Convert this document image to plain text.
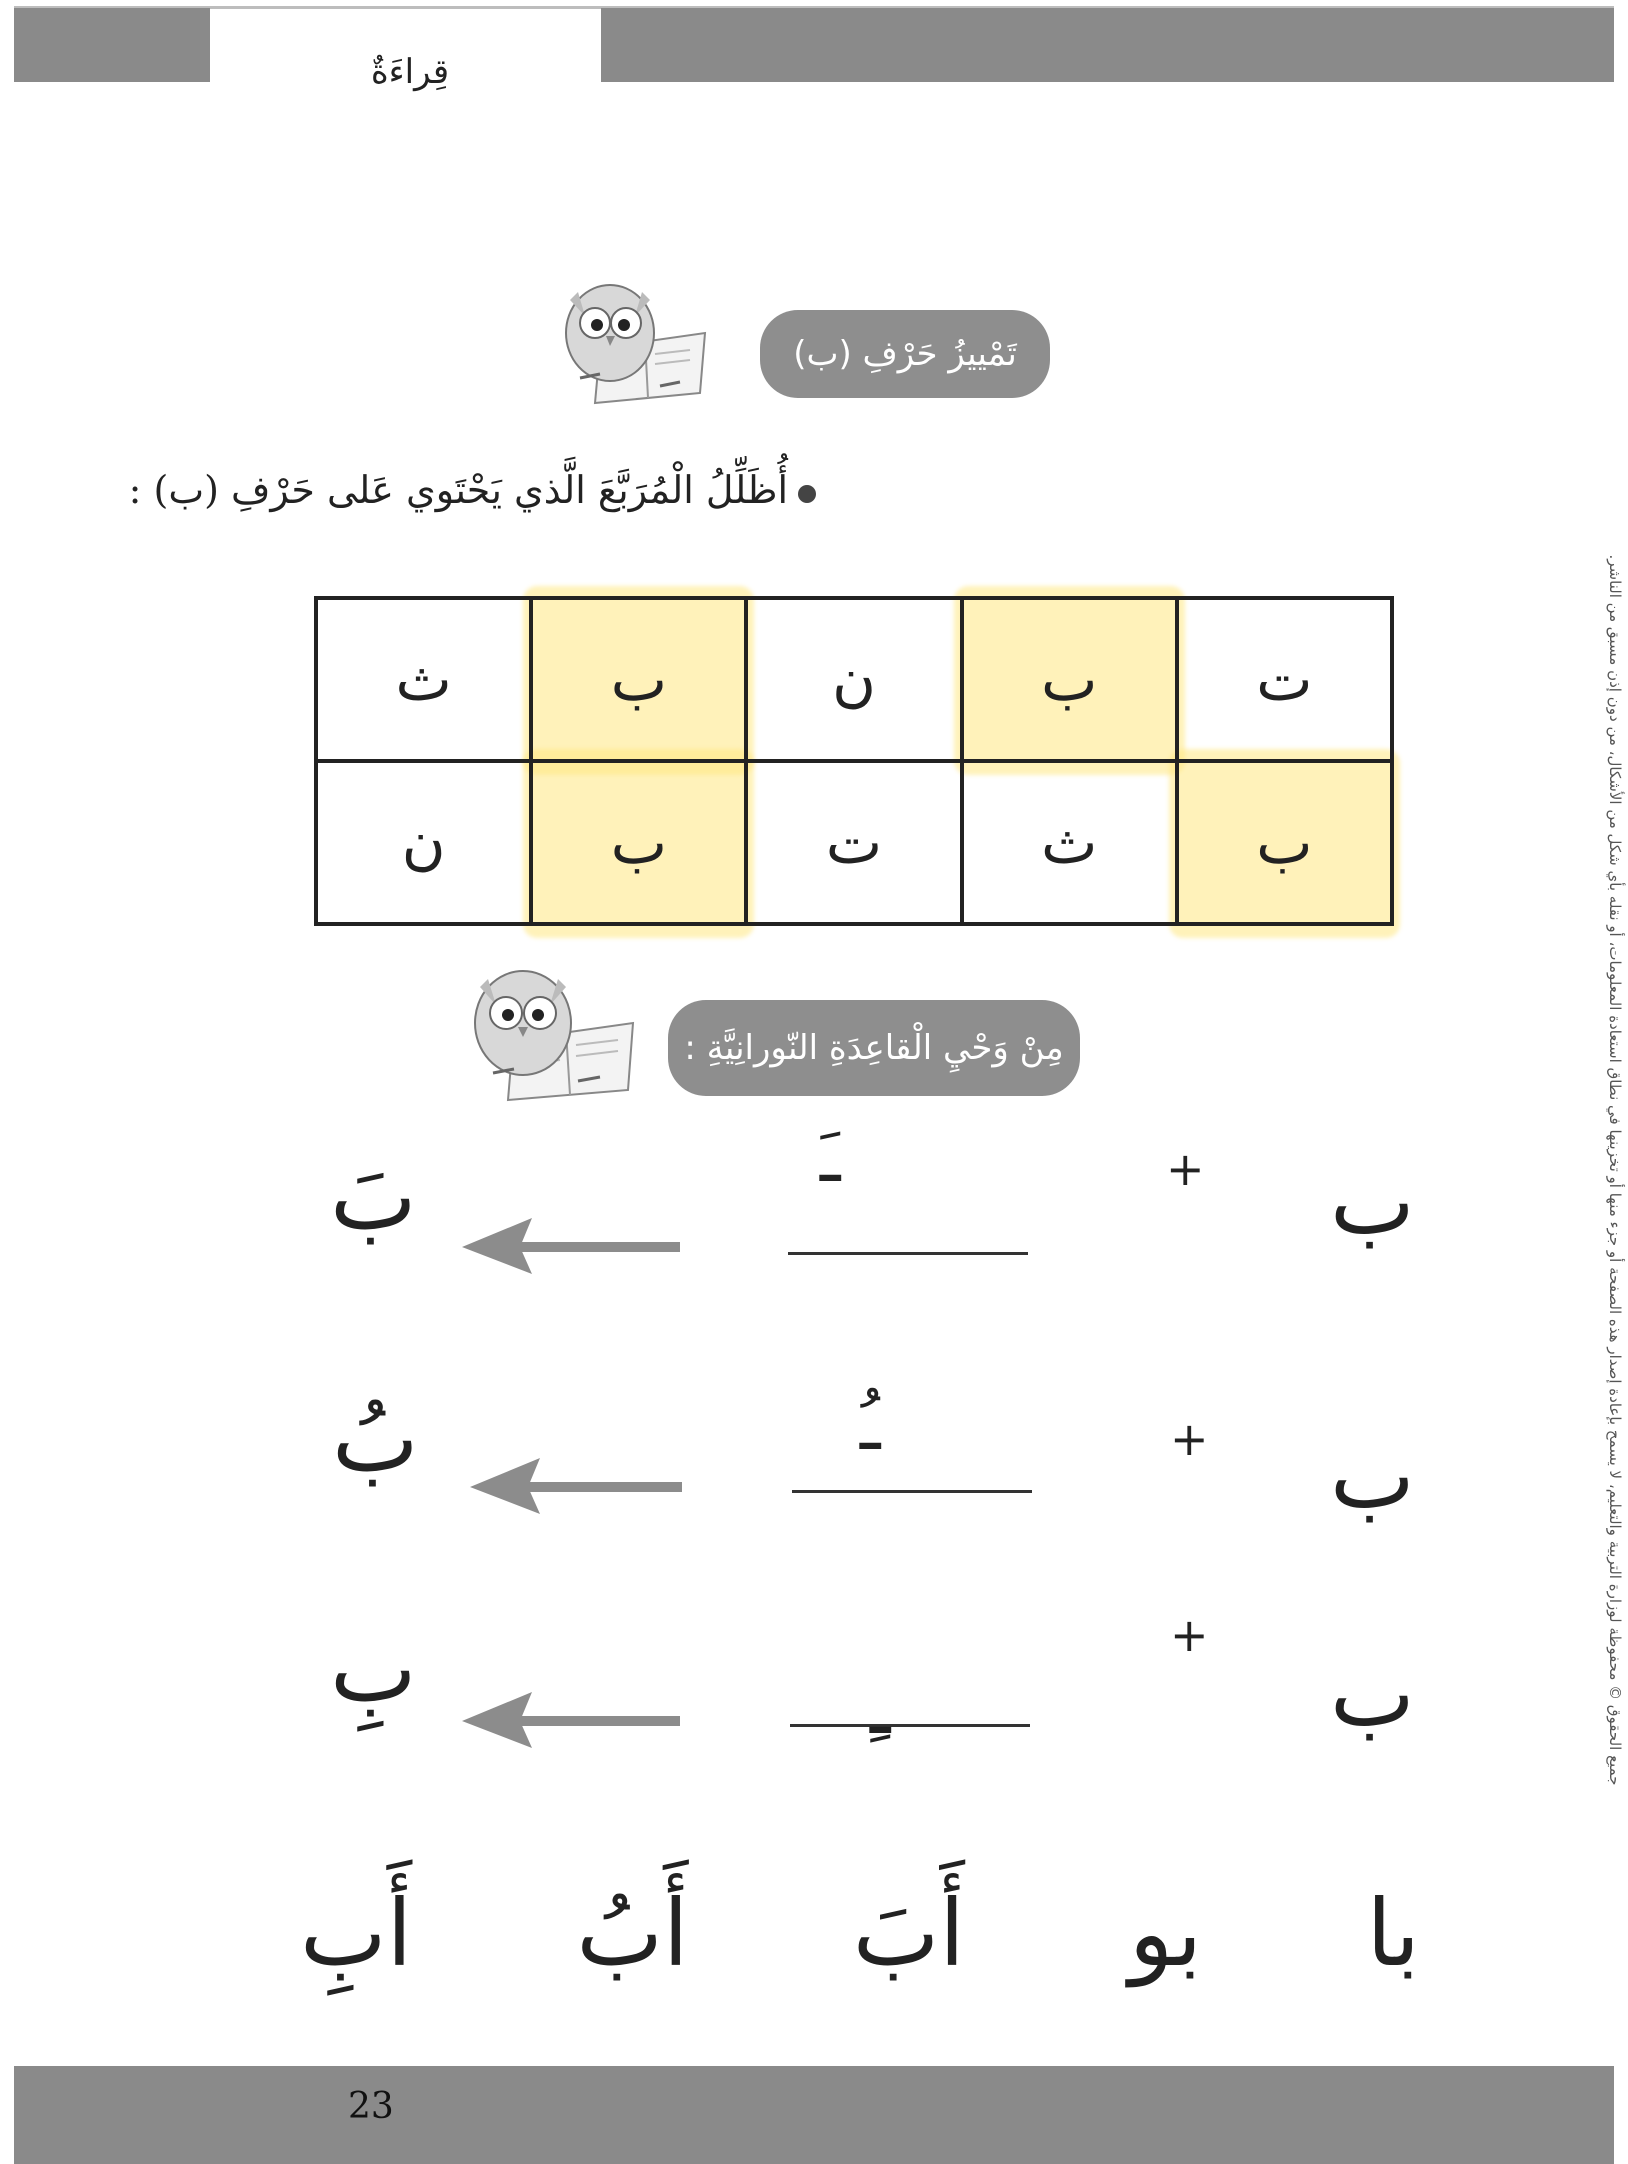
قِراءَةٌ
تَمْييزُ حَرْفِ (ب)
أُظَلِّلُ الْمُرَبَّعَ الَّذي يَحْتَوي عَلى حَرْفِ (ب) :
ت
ب
ن
ب
ث
ب
ث
ت
ب
ن
مِنْ وَحْيِ الْقاعِدَةِ النّورانِيَّةِ :
ب
+
ـَ
بَ
ب
+
ـُ
بُ
ب
+
ـِ
بِ
با
بو
أَبَ
أَبُ
أَبِ
جميع الحقوق © محفوظة لوزارة التربية والتعليم، لا يسمح بإعادة إصدار هذه الصفحة أو جزء منها أو تخزينها في نطاق استعادة المعلومات، أو نقله بأي شكل من الأشكال، من دون إذن مسبق من الناشر.
23
